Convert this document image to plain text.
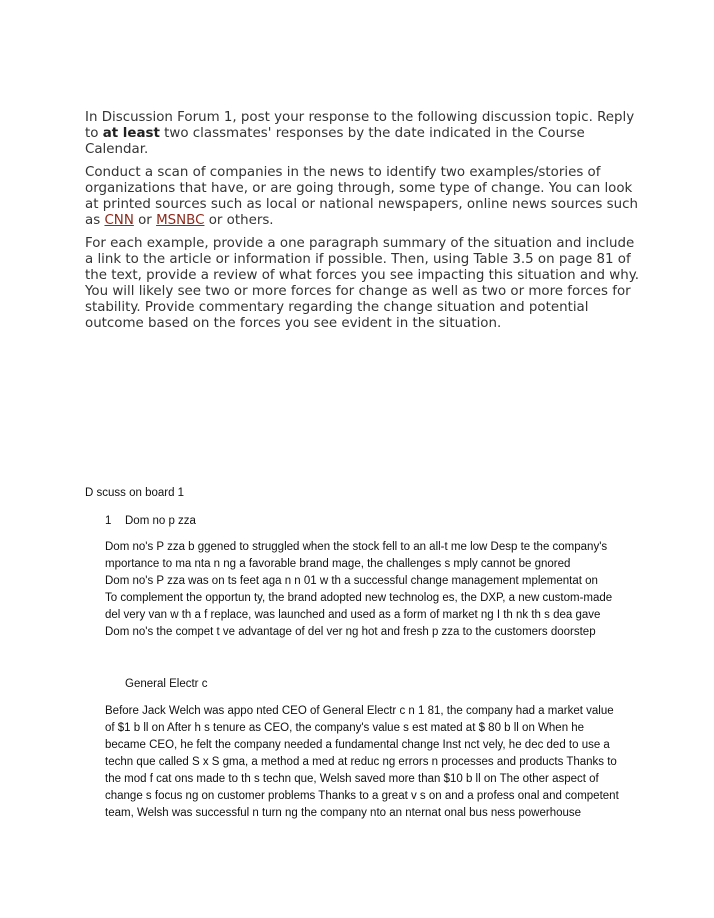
In Discussion Forum 1, post your response to the following discussion topic. Reply to at least two classmates' responses by the date indicated in the Course Calendar.

Conduct a scan of companies in the news to identify two examples/stories of organizations that have, or are going through, some type of change. You can look at printed sources such as local or national newspapers, online news sources such as CNN or MSNBC or others.

For each example, provide a one paragraph summary of the situation and include a link to the article or information if possible. Then, using Table 3.5 on page 81 of the text, provide a review of what forces you see impacting this situation and why. You will likely see two or more forces for change as well as two or more forces for stability. Provide commentary regarding the change situation and potential outcome based on the forces you see evident in the situation.

D scuss on board 1
1 Dom no p zza

Dom no's P zza b ggened to struggled when the stock fell to an all-t me low Desp te the company's

mportance to ma nta n ng a favorable brand mage, the challenges s mply cannot be gnored

Dom no's P zza was on ts feet aga n n 01 w th a successful change management mplementat on

To complement the opportun ty, the brand adopted new technolog es, the DXP, a new custom-made

del very van w th a f replace, was launched and used as a form of market ng I th nk th s dea gave

Dom no's the compet t ve advantage of del ver ng hot and fresh p zza to the customers doorstep

General Electr c

Before Jack Welch was appo nted CEO of General Electr c n 1 81, the company had a market value

of $1 b ll on After h s tenure as CEO, the company's value s est mated at $ 80 b ll on When he

became CEO, he felt the company needed a fundamental change Inst nct vely, he dec ded to use a

techn que called S x S gma, a method a med at reduc ng errors n processes and products Thanks to

the mod f cat ons made to th s techn que, Welsh saved more than $10 b ll on The other aspect of

change s focus ng on customer problems Thanks to a great v s on and a profess onal and competent

team, Welsh was successful n turn ng the company nto an nternat onal bus ness powerhouse
